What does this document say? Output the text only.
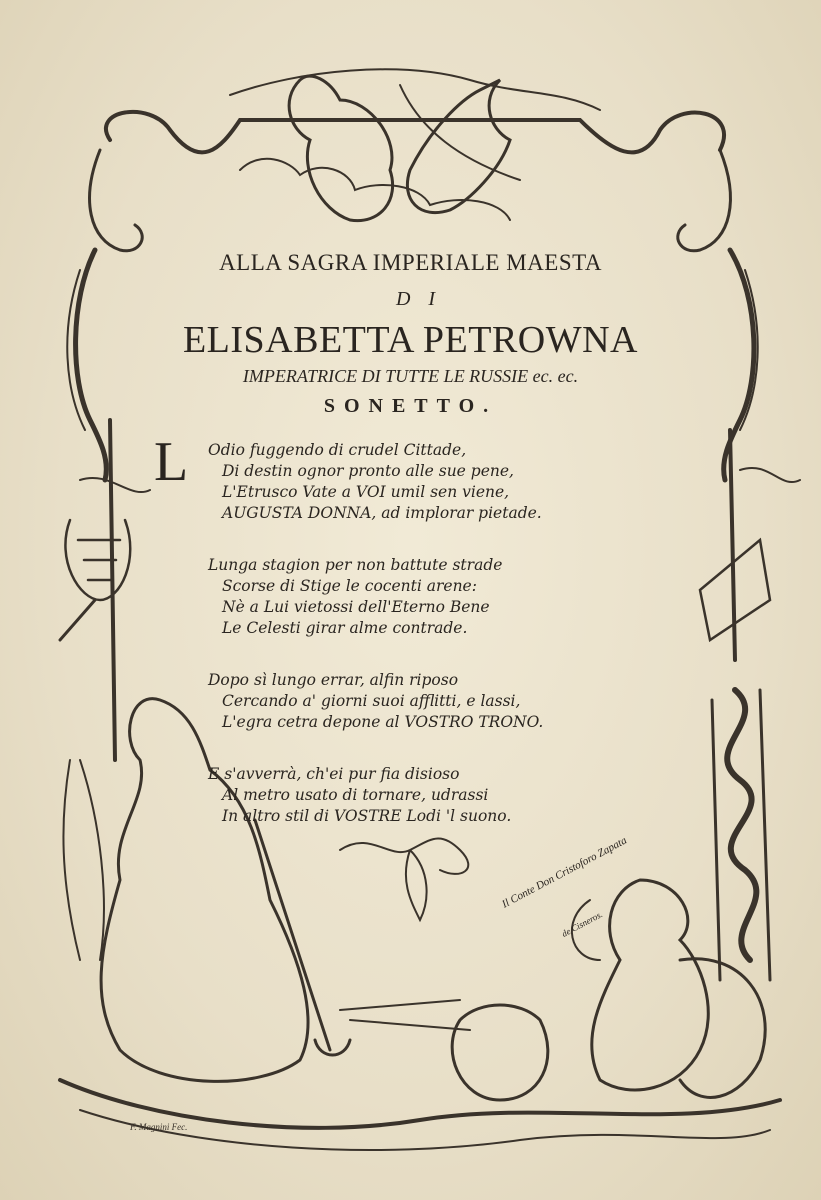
ALLA SAGRA IMPERIALE MAESTA
DI
ELISABETTA PETROWNA
IMPERATRICE DI TUTTE LE RUSSIE ec. ec.
SONETTO.
L	Odio fuggendo di crudel Cittade,
Di destin ognor pronto alle sue pene,
L'Etrusco Vate a VOI umil sen viene,
AUGUSTA DONNA, ad implorar pietade.
Lunga stagion per non battute strade
Scorse di Stige le cocenti arene:
Nè a Lui vietossi dell'Eterno Bene
Le Celesti girar alme contrade.
Dopo sì lungo errar, alfin riposo
Cercando a' giorni suoi afflitti, e lassi,
L'egra cetra depone al VOSTRO TRONO.
E s'avverrà, ch'ei pur fia disioso
Al metro usato di tornare, udrassi
In altro stil di VOSTRE Lodi 'l suono.
Il Conte Don Cristoforo Zapata
de Cisneros.
F. Magnini Fec.
